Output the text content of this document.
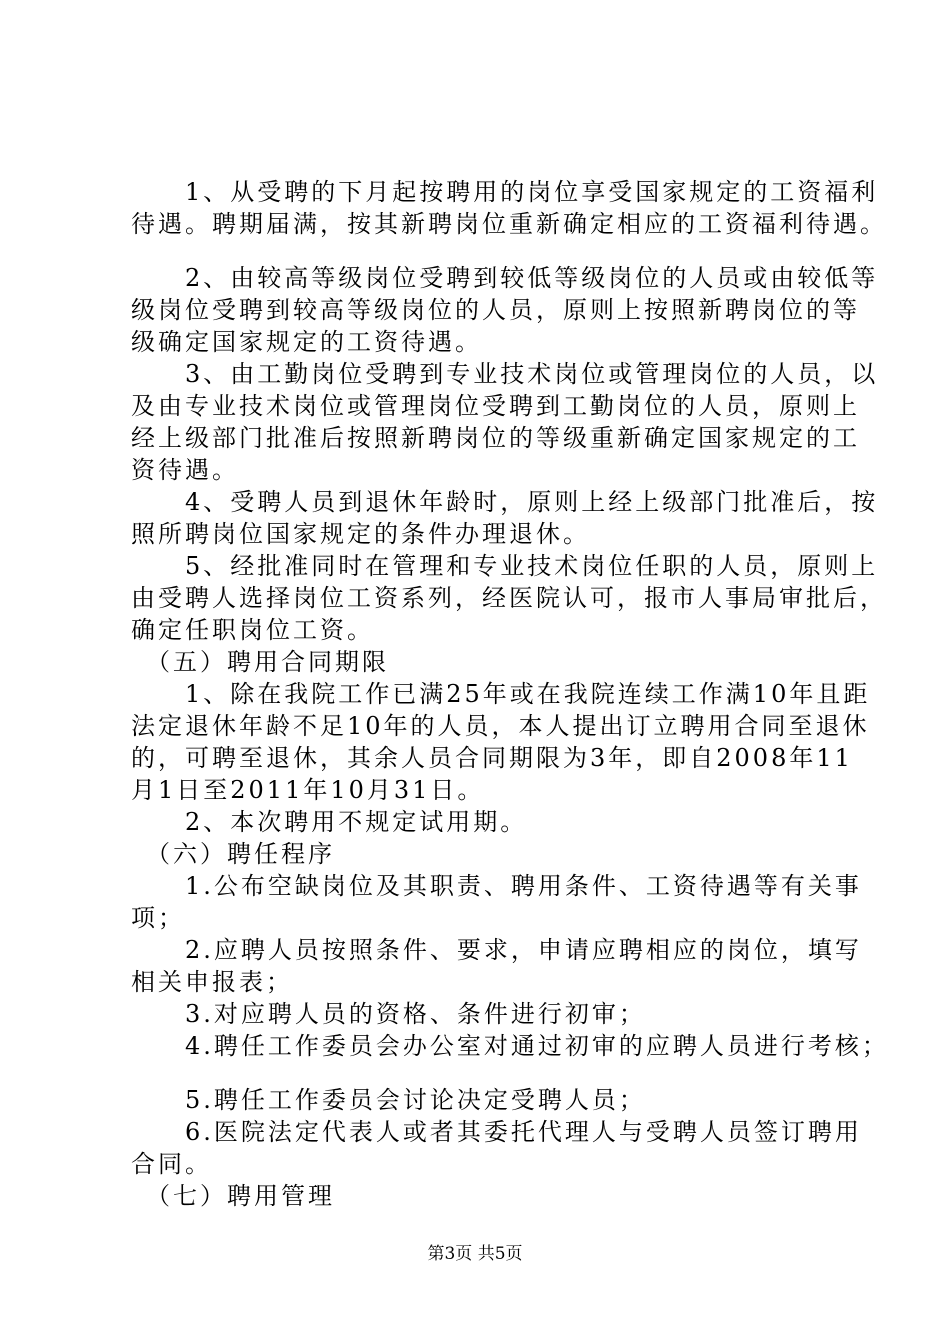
　　1、从受聘的下月起按聘用的岗位享受国家规定的工资福利
待遇。聘期届满，按其新聘岗位重新确定相应的工资福利待遇。
　　2、由较高等级岗位受聘到较低等级岗位的人员或由较低等
级岗位受聘到较高等级岗位的人员，原则上按照新聘岗位的等
级确定国家规定的工资待遇。
　　3、由工勤岗位受聘到专业技术岗位或管理岗位的人员，以
及由专业技术岗位或管理岗位受聘到工勤岗位的人员，原则上
经上级部门批准后按照新聘岗位的等级重新确定国家规定的工
资待遇。
　　4、受聘人员到退休年龄时，原则上经上级部门批准后，按
照所聘岗位国家规定的条件办理退休。
　　5、经批准同时在管理和专业技术岗位任职的人员，原则上
由受聘人选择岗位工资系列，经医院认可，报市人事局审批后，
确定任职岗位工资。
　（五）聘用合同期限
　　1、除在我院工作已满25年或在我院连续工作满10年且距
法定退休年龄不足10年的人员，本人提出订立聘用合同至退休
的，可聘至退休，其余人员合同期限为3年，即自2008年11
月1日至2011年10月31日。
　　2、本次聘用不规定试用期。
　（六）聘任程序
　　1.公布空缺岗位及其职责、聘用条件、工资待遇等有关事
项；
　　2.应聘人员按照条件、要求，申请应聘相应的岗位，填写
相关申报表；
　　3.对应聘人员的资格、条件进行初审；
　　4.聘任工作委员会办公室对通过初审的应聘人员进行考核；
　　5.聘任工作委员会讨论决定受聘人员；
　　6.医院法定代表人或者其委托代理人与受聘人员签订聘用
合同。
　（七）聘用管理
第3页 共5页
